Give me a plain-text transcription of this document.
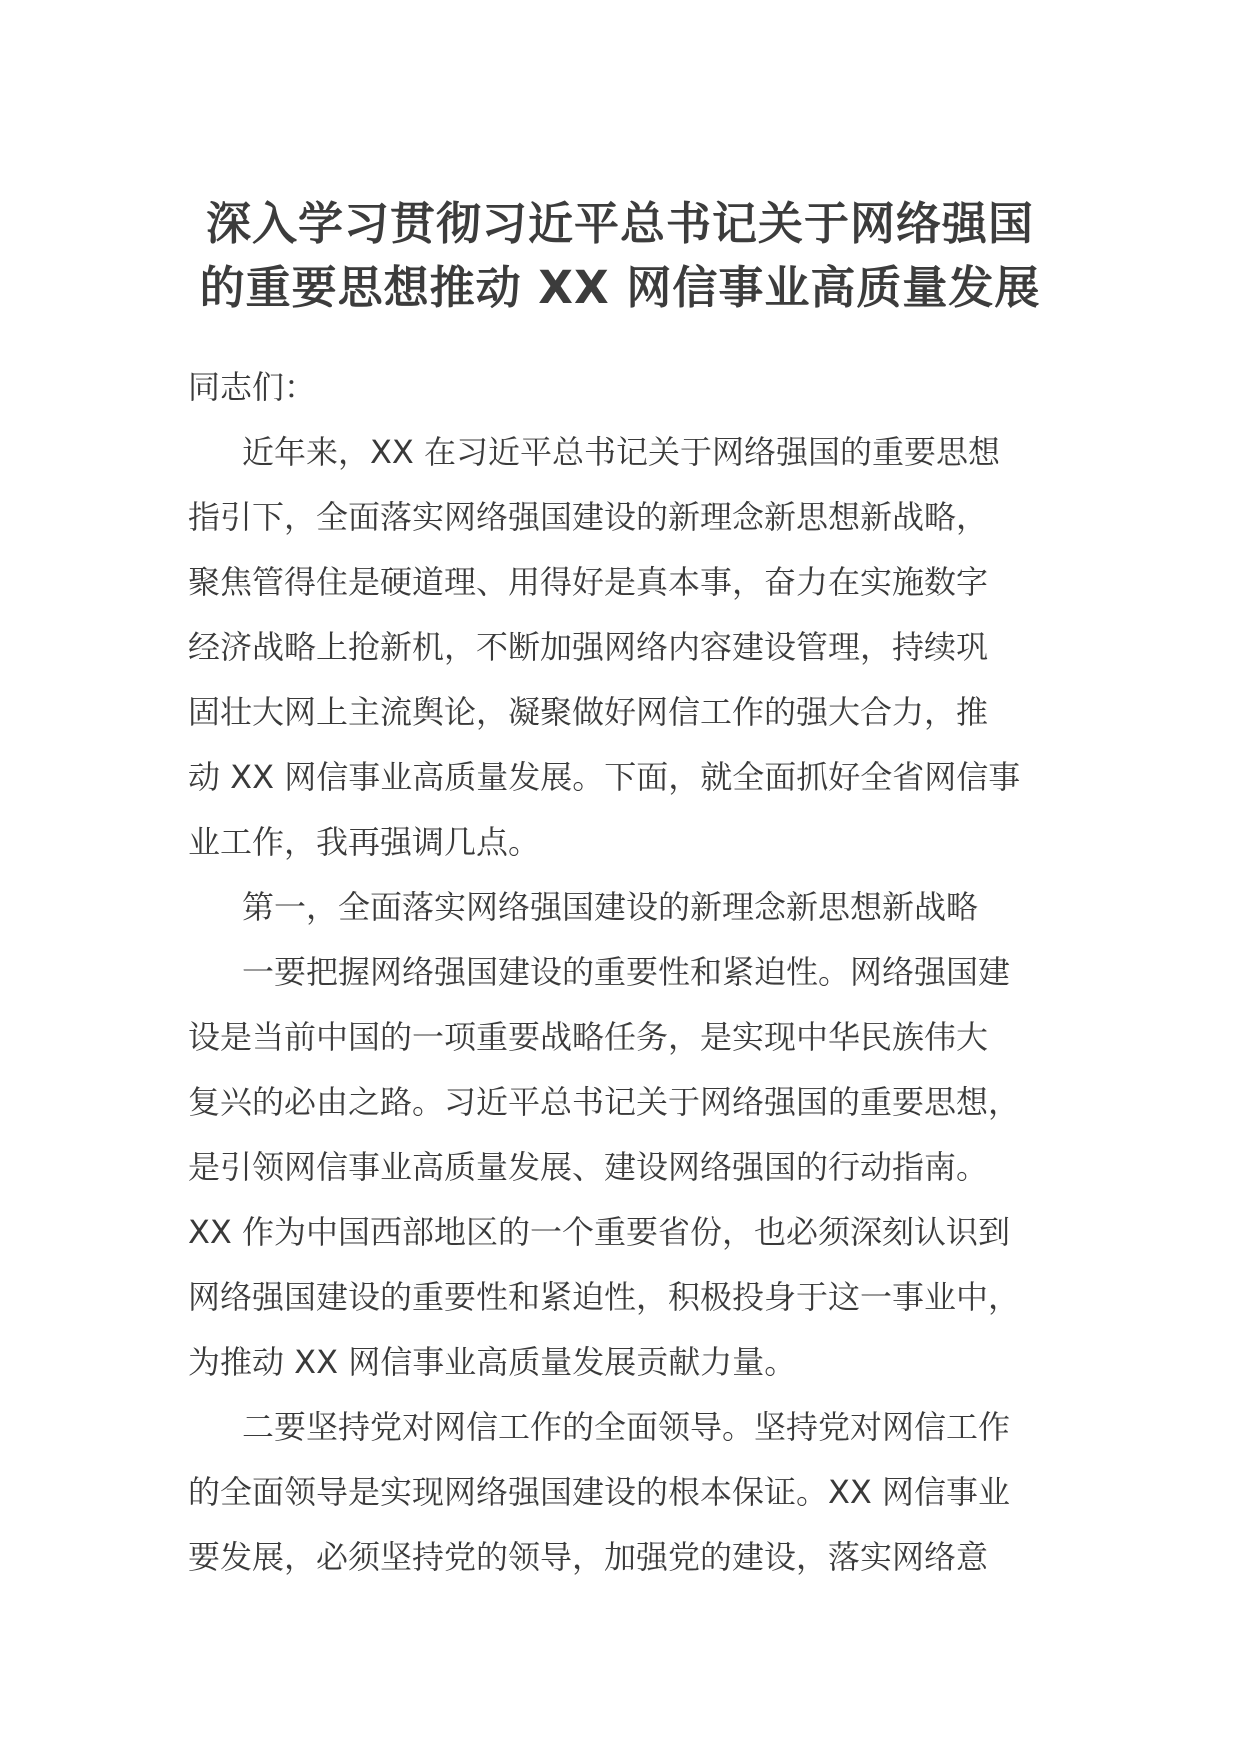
深入学习贯彻习近平总书记关于网络强国
的重要思想推动 XX 网信事业高质量发展
同志们：
近年来，XX 在习近平总书记关于网络强国的重要思想
指引下，全面落实网络强国建设的新理念新思想新战略，
聚焦管得住是硬道理、用得好是真本事，奋力在实施数字
经济战略上抢新机，不断加强网络内容建设管理，持续巩
固壮大网上主流舆论，凝聚做好网信工作的强大合力，推
动 XX 网信事业高质量发展。下面，就全面抓好全省网信事
业工作，我再强调几点。
第一，全面落实网络强国建设的新理念新思想新战略
一要把握网络强国建设的重要性和紧迫性。网络强国建
设是当前中国的一项重要战略任务，是实现中华民族伟大
复兴的必由之路。习近平总书记关于网络强国的重要思想，
是引领网信事业高质量发展、建设网络强国的行动指南。
XX 作为中国西部地区的一个重要省份，也必须深刻认识到
网络强国建设的重要性和紧迫性，积极投身于这一事业中，
为推动 XX 网信事业高质量发展贡献力量。
二要坚持党对网信工作的全面领导。坚持党对网信工作
的全面领导是实现网络强国建设的根本保证。XX 网信事业
要发展，必须坚持党的领导，加强党的建设，落实网络意
